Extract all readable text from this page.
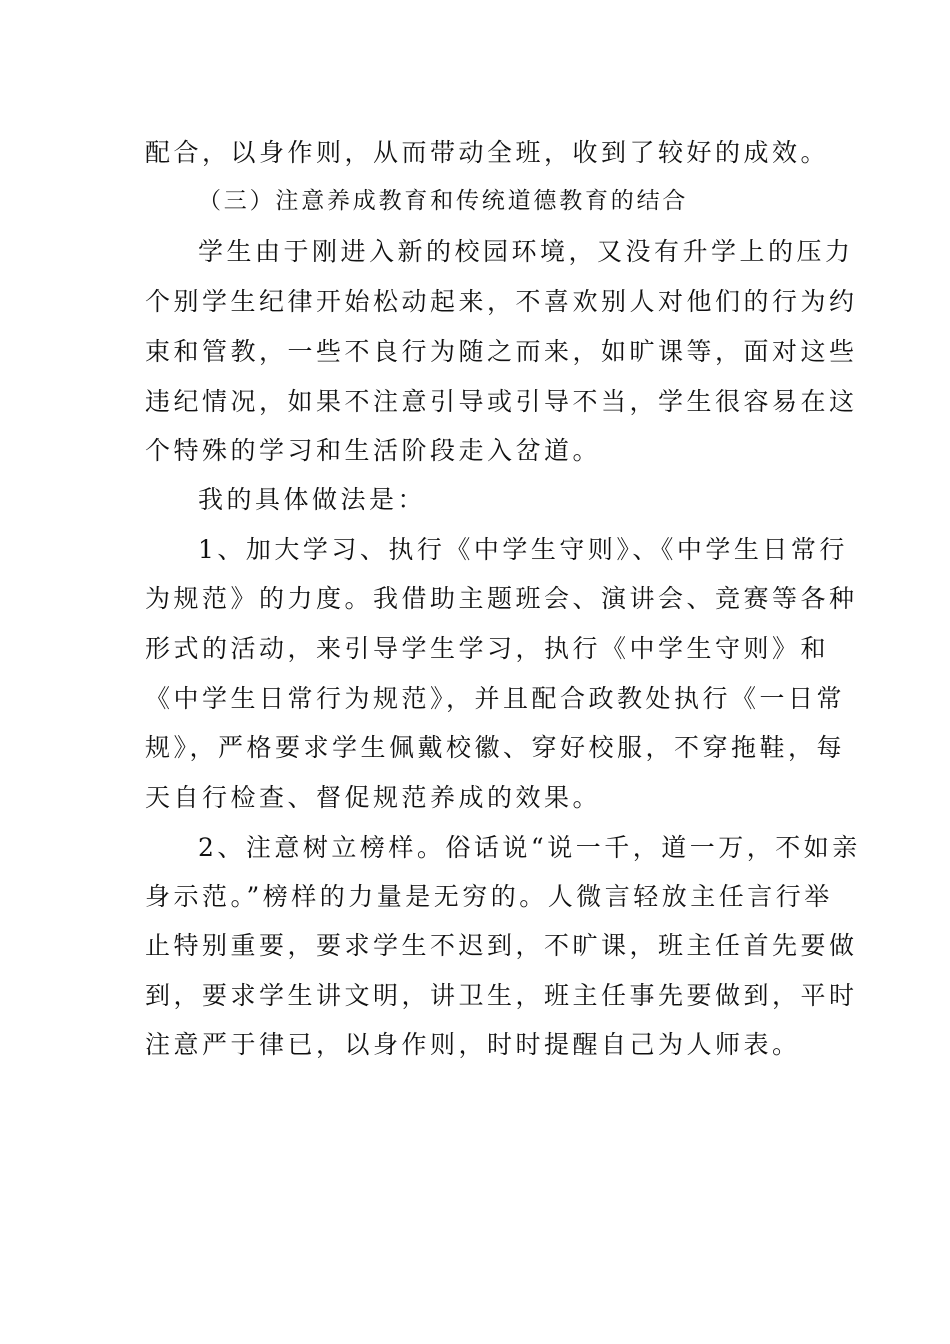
配合，以身作则，从而带动全班，收到了较好的成效。
（三）注意养成教育和传统道德教育的结合
学生由于刚进入新的校园环境，又没有升学上的压力
个别学生纪律开始松动起来，不喜欢别人对他们的行为约
束和管教，一些不良行为随之而来，如旷课等，面对这些
违纪情况，如果不注意引导或引导不当，学生很容易在这
个特殊的学习和生活阶段走入岔道。
我的具体做法是：
1、加大学习、执行《中学生守则》、《中学生日常行
为规范》的力度。我借助主题班会、演讲会、竞赛等各种
形式的活动，来引导学生学习，执行《中学生守则》和
《中学生日常行为规范》，并且配合政教处执行《一日常
规》，严格要求学生佩戴校徽、穿好校服，不穿拖鞋，每
天自行检查、督促规范养成的效果。
2、注意树立榜样。俗话说“说一千，道一万，不如亲
身示范。”榜样的力量是无穷的。人微言轻放主任言行举
止特别重要，要求学生不迟到，不旷课，班主任首先要做
到，要求学生讲文明，讲卫生，班主任事先要做到，平时
注意严于律已，以身作则，时时提醒自己为人师表。
